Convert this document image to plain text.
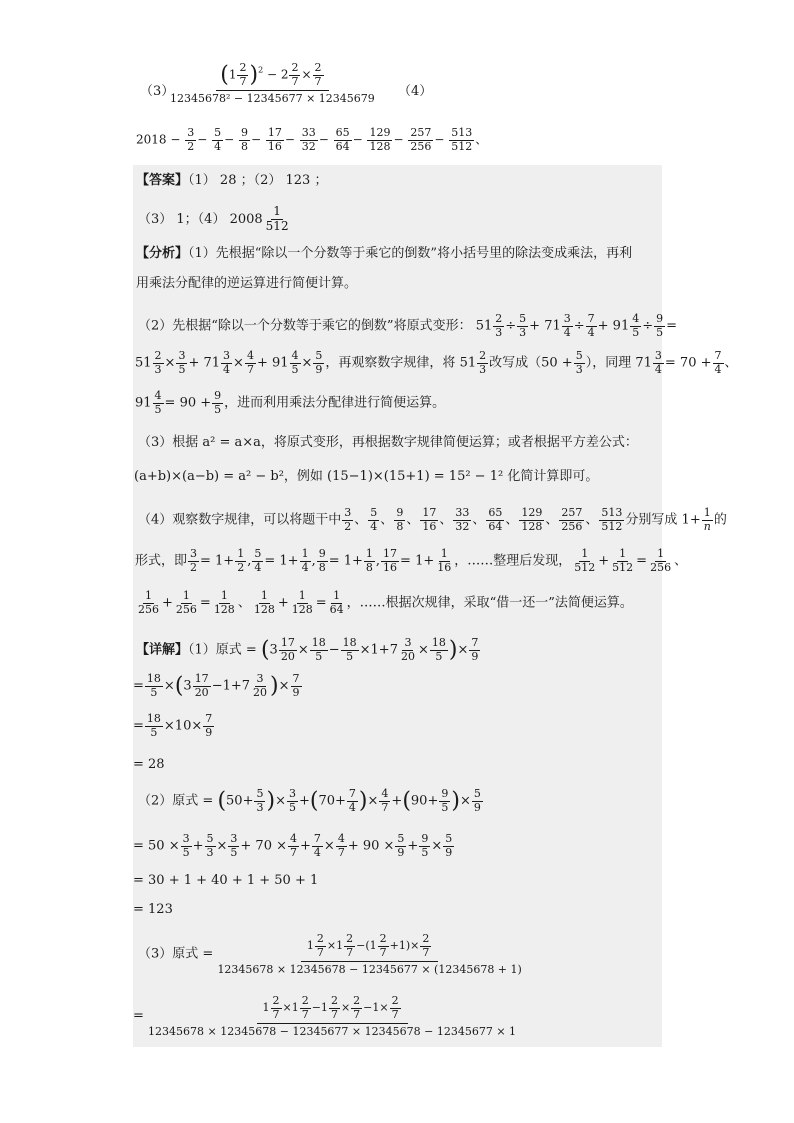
（3）
$\frac{(1 \frac{2}{7} )^2 - 2 \frac{2}{7} \times \frac{2}{7}}{\text{12345678² − 12345677 × 12345679}} (4)$
$2018 - \frac{3}{2} - \frac{5}{4} - \frac{9}{8} - \frac{17}{16} - \frac{33}{32} - \frac{65}{64} - \frac{129}{128} - \frac{257}{256} - \frac{513}{512}$ 、
【答案】（1） 28 ；（2） 123 ；
（3） 1；（4） $2008 \frac{1}{512}$
【分析】（1）先根据“除以一个分数等于乘它的倒数”将小括号里的除法变成乘法，再利
用乘法分配律的逆运算进行简便计算。
（2）先根据“除以一个分数等于乘它的倒数”将原式变形： $51 \frac{2}{3} \div \frac{5}{3} + 71 \frac{3}{4} \div \frac{7}{4} + 91 \frac{4}{5} \div \frac{9}{5}$ =
$51 \frac{2}{3} \times \frac{3}{5} + 71 \frac{3}{4} \times \frac{4}{7} + 91 \frac{4}{5} \times \frac{5}{9}$ ，再观察数字规律，将 $51 \frac{2}{3}$ 改写成（$50 + \frac{5}{3}$ ），同理 $71 \frac{3}{4} = 70 + \frac{7}{4}$ 、
$91 \frac{4}{5} = 90 + \frac{9}{5}$ ，进而利用乘法分配律进行简便运算。
（3）根据 a² = a×a，将原式变形，再根据数字规律简便运算；或者根据平方差公式：
(a+b)×(a−b) = a² − b²，例如 (15−1)×(15+1) = 15² − 1² 化简计算即可。
（4）观察数字规律，可以将题干中 $\frac{3}{2}$ 、 $\frac{5}{4}$ 、 $\frac{9}{8}$ 、 $\frac{17}{16}$ 、 $\frac{33}{32}$ 、 $\frac{65}{64}$ 、 $\frac{129}{128}$ 、 $\frac{257}{256}$ 、 $\frac{513}{512}$ 分别写成 $1+ \frac{1}{n}$ 的
形式，即 $\frac{3}{2} = 1+ \frac{1}{2}$ , $\frac{5}{4} = 1+ \frac{1}{4}$ , $\frac{9}{8} = 1+ \frac{1}{8}$ , $\frac{17}{16} = 1+ \frac{1}{16}$ ，……整理后发现， $\frac{1}{512} + \frac{1}{512} = \frac{1}{256}$ 、
$\frac{1}{256} + \frac{1}{256} = \frac{1}{128}$ 、 $\frac{1}{128} + \frac{1}{128} = \frac{1}{64}$ ，……根据次规律，采取“借一还一”法简便运算。
【详解】（1）原式 = ($3 \frac{17}{20} \times \frac{18}{5} - \frac{18}{5} \times 1+7 \frac{3}{20} \times \frac{18}{5}$ )× $\frac{7}{9}$
= $\frac{18}{5} \times(3 \frac{17}{20} -1+7 \frac{3}{20}$ )× $\frac{7}{9}$
= $\frac{18}{5} \times 10\times \frac{7}{9}$
= 28
（2）原式 = ($50+ \frac{5}{3}$ )× $\frac{3}{5} +(70+ \frac{7}{4}$ )× $\frac{4}{7} +(90+ \frac{9}{5}$ )× $\frac{5}{9}$
= $50 \times \frac{3}{5} + \frac{5}{3} \times \frac{3}{5} + 70 \times \frac{4}{7} + \frac{7}{4} \times \frac{4}{7} + 90 \times \frac{5}{9} + \frac{9}{5} \times \frac{5}{9}$
= 30 + 1 + 40 + 1 + 50 + 1
= 123
（3）原式 = $\frac{1 \frac{2}{7} \times 1 \frac{2}{7} -(1 \frac{2}{7} +1)\times \frac{2}{7}}{12345678 \times 12345678 - 12345677 \times (12345678 + 1)}$
= $\frac{1 \frac{2}{7} \times 1 \frac{2}{7} -1 \frac{2}{7} \times \frac{2}{7} -1\times \frac{2}{7}}{12345678 \times 12345678 - 12345677 \times 12345678 - 12345677 \times 1}$
